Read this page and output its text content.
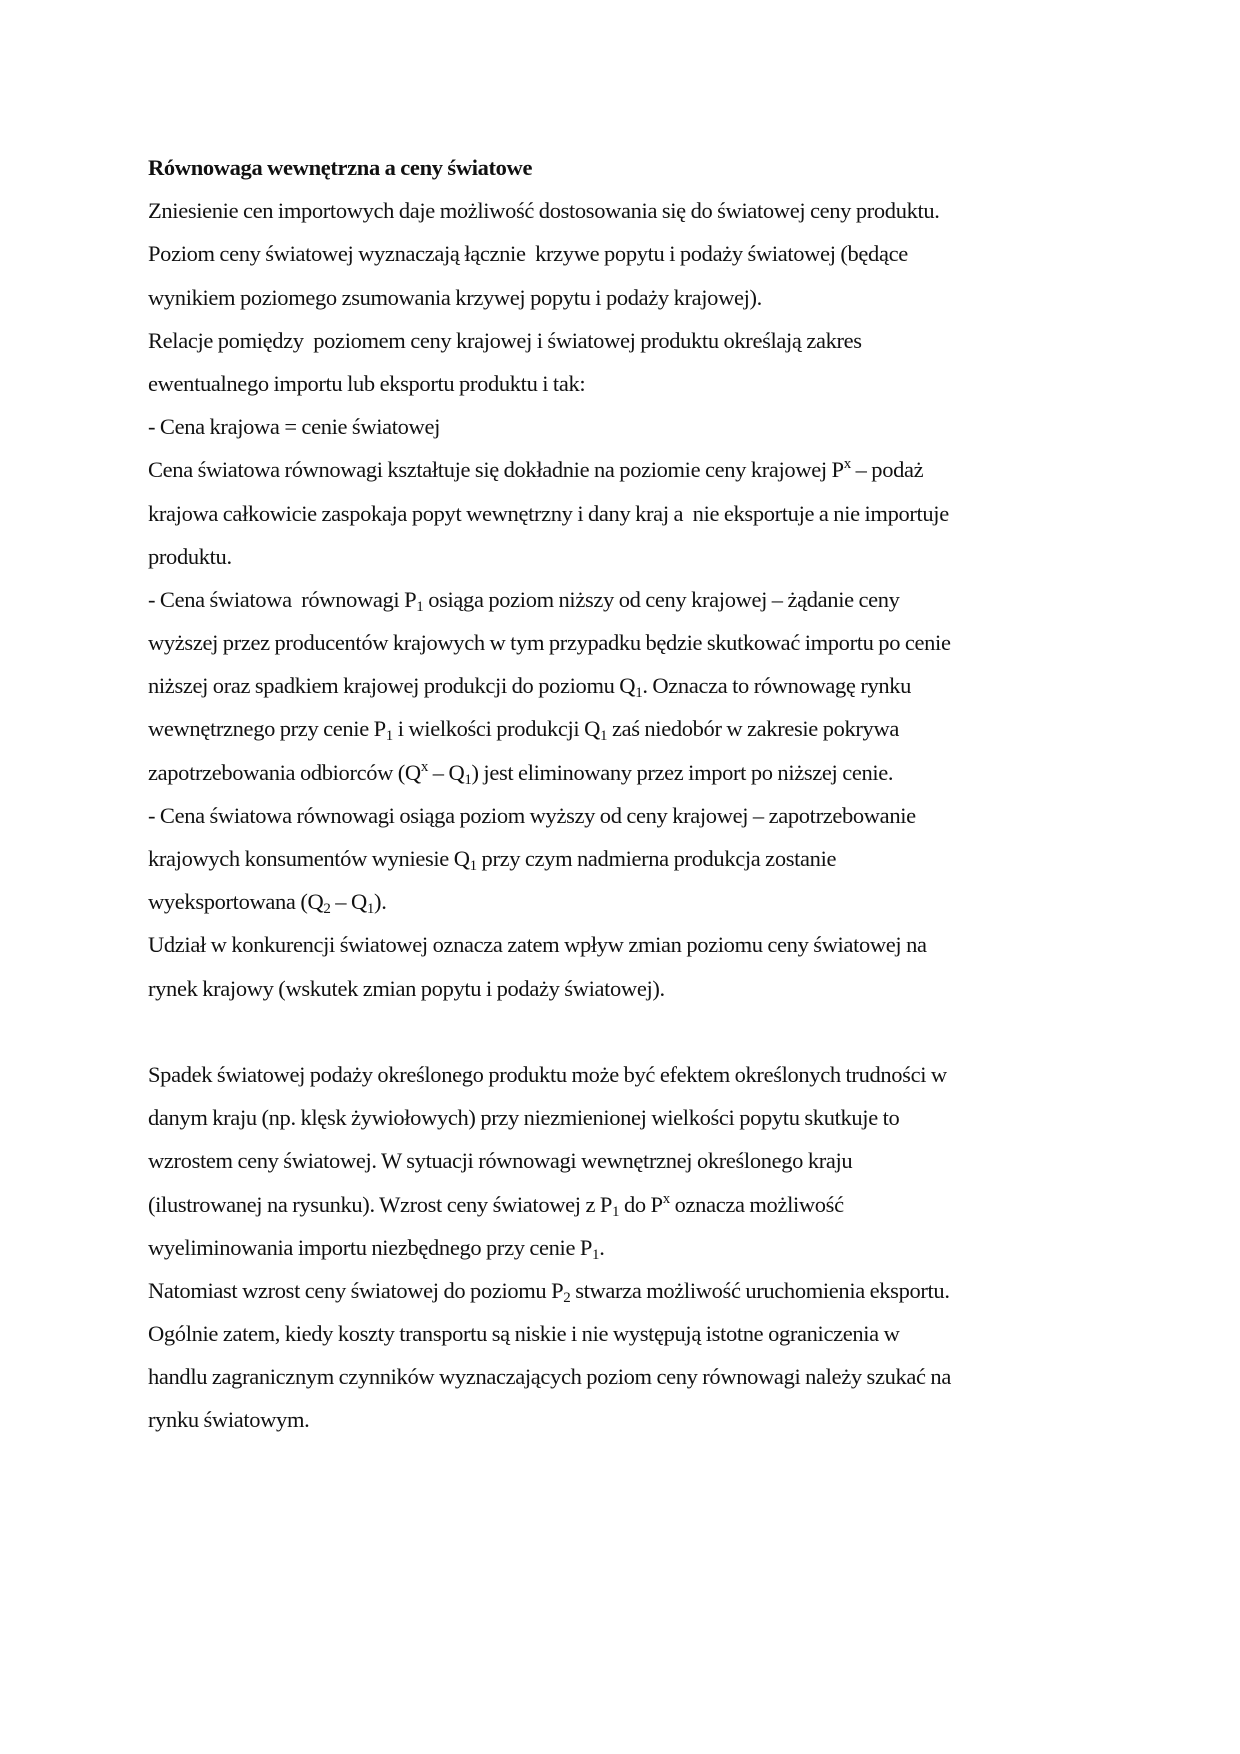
Równowaga wewnętrzna a ceny światowe
Zniesienie cen importowych daje możliwość dostosowania się do światowej ceny produktu.
Poziom ceny światowej wyznaczają łącznie  krzywe popytu i podaży światowej (będące
wynikiem poziomego zsumowania krzywej popytu i podaży krajowej).
Relacje pomiędzy  poziomem ceny krajowej i światowej produktu określają zakres
ewentualnego importu lub eksportu produktu i tak:
- Cena krajowa = cenie światowej
Cena światowa równowagi kształtuje się dokładnie na poziomie ceny krajowej $P^x$ – podaż
krajowa całkowicie zaspokaja popyt wewnętrzny i dany kraj a  nie eksportuje a nie importuje
produktu.
- Cena światowa  równowagi $P_1$ osiąga poziom niższy od ceny krajowej – żądanie ceny
wyższej przez producentów krajowych w tym przypadku będzie skutkować importu po cenie
niższej oraz spadkiem krajowej produkcji do poziomu $Q_1$. Oznacza to równowagę rynku
wewnętrznego przy cenie $P_1$ i wielkości produkcji $Q_1$ zaś niedobór w zakresie pokrywa
zapotrzebowania odbiorców $(Q^x - Q_1)$ jest eliminowany przez import po niższej cenie.
- Cena światowa równowagi osiąga poziom wyższy od ceny krajowej – zapotrzebowanie
krajowych konsumentów wyniesie $Q_1$ przy czym nadmierna produkcja zostanie
wyeksportowana $(Q_2 - Q_1)$.
Udział w konkurencji światowej oznacza zatem wpływ zmian poziomu ceny światowej na
rynek krajowy (wskutek zmian popytu i podaży światowej).
Spadek światowej podaży określonego produktu może być efektem określonych trudności w
danym kraju (np. klęsk żywiołowych) przy niezmienionej wielkości popytu skutkuje to
wzrostem ceny światowej. W sytuacji równowagi wewnętrznej określonego kraju
(ilustrowanej na rysunku). Wzrost ceny światowej z $P_1$ do $P^x$ oznacza możliwość
wyeliminowania importu niezbędnego przy cenie $P_1$.
Natomiast wzrost ceny światowej do poziomu $P_2$ stwarza możliwość uruchomienia eksportu.
Ogólnie zatem, kiedy koszty transportu są niskie i nie występują istotne ograniczenia w
handlu zagranicznym czynników wyznaczających poziom ceny równowagi należy szukać na
rynku światowym.
